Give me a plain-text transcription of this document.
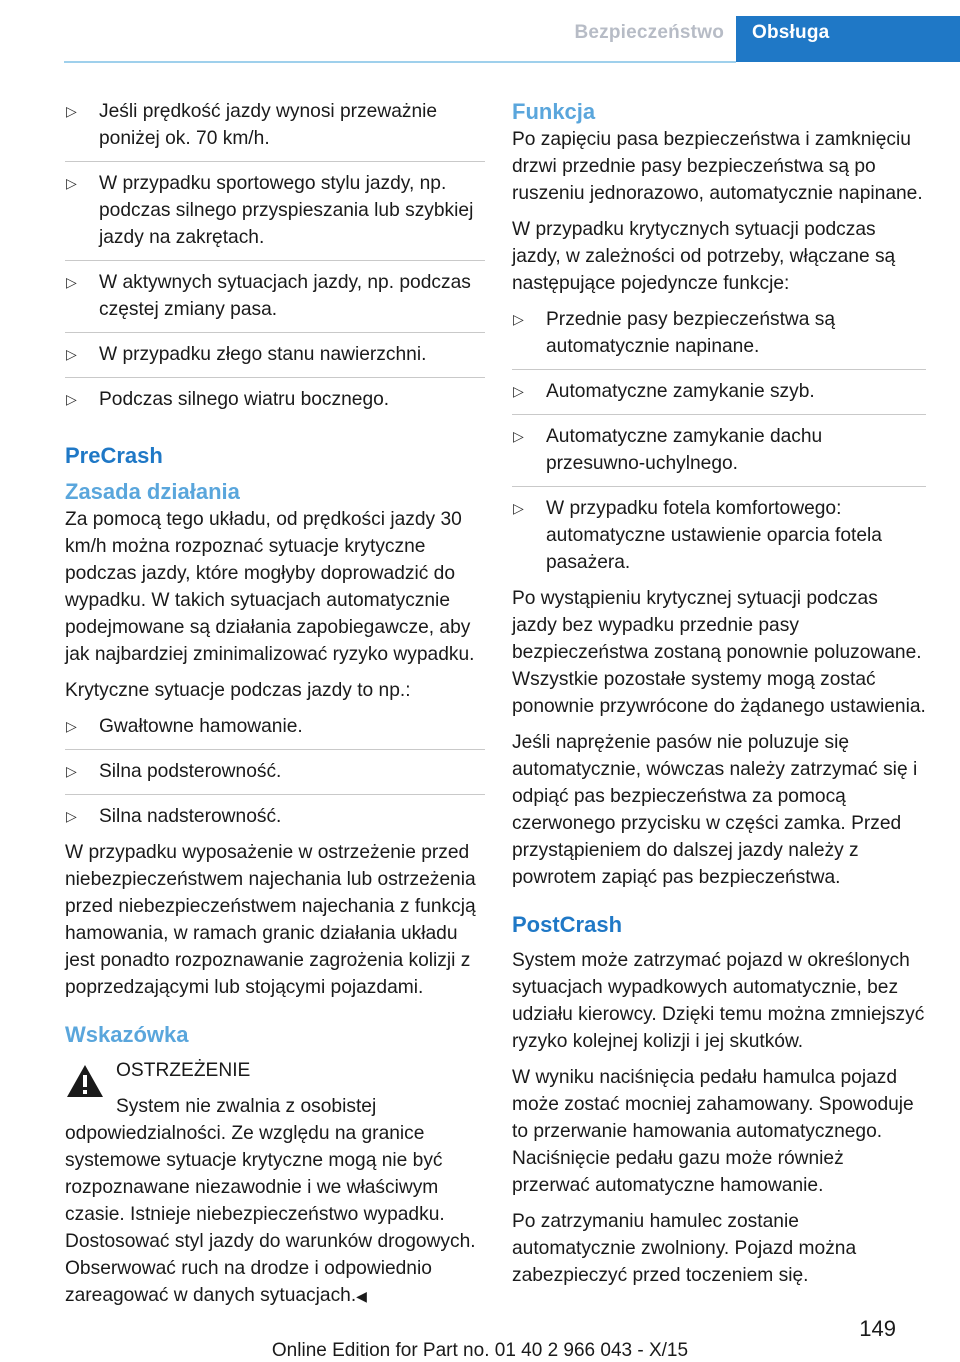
Bezpieczeństwo	Obsługa
▷ Jeśli prędkość jazdy wynosi przeważnie poniżej ok. 70 km/h.
▷ W przypadku sportowego stylu jazdy, np. podczas silnego przyspieszania lub szybkiej jazdy na zakrętach.
▷ W aktywnych sytuacjach jazdy, np. podczas częstej zmiany pasa.
▷ W przypadku złego stanu nawierzchni.
▷ Podczas silnego wiatru bocznego.
PreCrash
Zasada działania

Za pomocą tego układu, od prędkości jazdy 30 km/h można rozpoznać sytuacje krytyczne podczas jazdy, które mogłyby doprowadzić do wypadku. W takich sytuacjach automatycznie podejmowane są działania zapobiegawcze, aby jak najbardziej zminimalizować ryzyko wypadku.

Krytyczne sytuacje podczas jazdy to np.:

▷ Gwałtowne hamowanie.
▷ Silna podsterowność.
▷ Silna nadsterowność.

W przypadku wyposażenie w ostrzeżenie przed niebezpieczeństwem najechania lub ostrzeżenia przed niebezpieczeństwem najechania z funkcją hamowania, w ramach granic działania układu jest ponadto rozpoznawanie zagrożenia kolizji z poprzedzającymi lub stojącymi pojazdami.

Wskazówka

OSTRZEŻENIE

System nie zwalnia z osobistej odpowiedzialności. Ze względu na granice systemowe sytuacje krytyczne mogą nie być rozpoznawane niezawodnie i we właściwym czasie. Istnieje niebezpieczeństwo wypadku. Dostosować styl jazdy do warunków drogowych. Obserwować ruch na drodze i odpowiednio zareagować w danych sytuacjach.◀

Funkcja

Po zapięciu pasa bezpieczeństwa i zamknięciu drzwi przednie pasy bezpieczeństwa są po ruszeniu jednorazowo, automatycznie napinane.

W przypadku krytycznych sytuacji podczas jazdy, w zależności od potrzeby, włączane są następujące pojedyncze funkcje:

▷ Przednie pasy bezpieczeństwa są automatycznie napinane.
▷ Automatyczne zamykanie szyb.
▷ Automatyczne zamykanie dachu przesuwno-uchylnego.
▷ W przypadku fotela komfortowego: automatyczne ustawienie oparcia fotela pasażera.

Po wystąpieniu krytycznej sytuacji podczas jazdy bez wypadku przednie pasy bezpieczeństwa zostaną ponownie poluzowane. Wszystkie pozostałe systemy mogą zostać ponownie przywrócone do żądanego ustawienia.

Jeśli naprężenie pasów nie poluzuje się automatycznie, wówczas należy zatrzymać się i odpiąć pas bezpieczeństwa za pomocą czerwonego przycisku w części zamka. Przed przystąpieniem do dalszej jazdy należy z powrotem zapiąć pas bezpieczeństwa.

PostCrash

System może zatrzymać pojazd w określonych sytuacjach wypadkowych automatycznie, bez udziału kierowcy. Dzięki temu można zmniejszyć ryzyko kolejnej kolizji i jej skutków.

W wyniku naciśnięcia pedału hamulca pojazd może zostać mocniej zahamowany. Spowoduje to przerwanie hamowania automatycznego. Naciśnięcie pedału gazu może również przerwać automatyczne hamowanie.

Po zatrzymaniu hamulec zostanie automatycznie zwolniony. Pojazd można zabezpieczyć przed toczeniem się.

149
Online Edition for Part no. 01 40 2 966 043 - X/15
